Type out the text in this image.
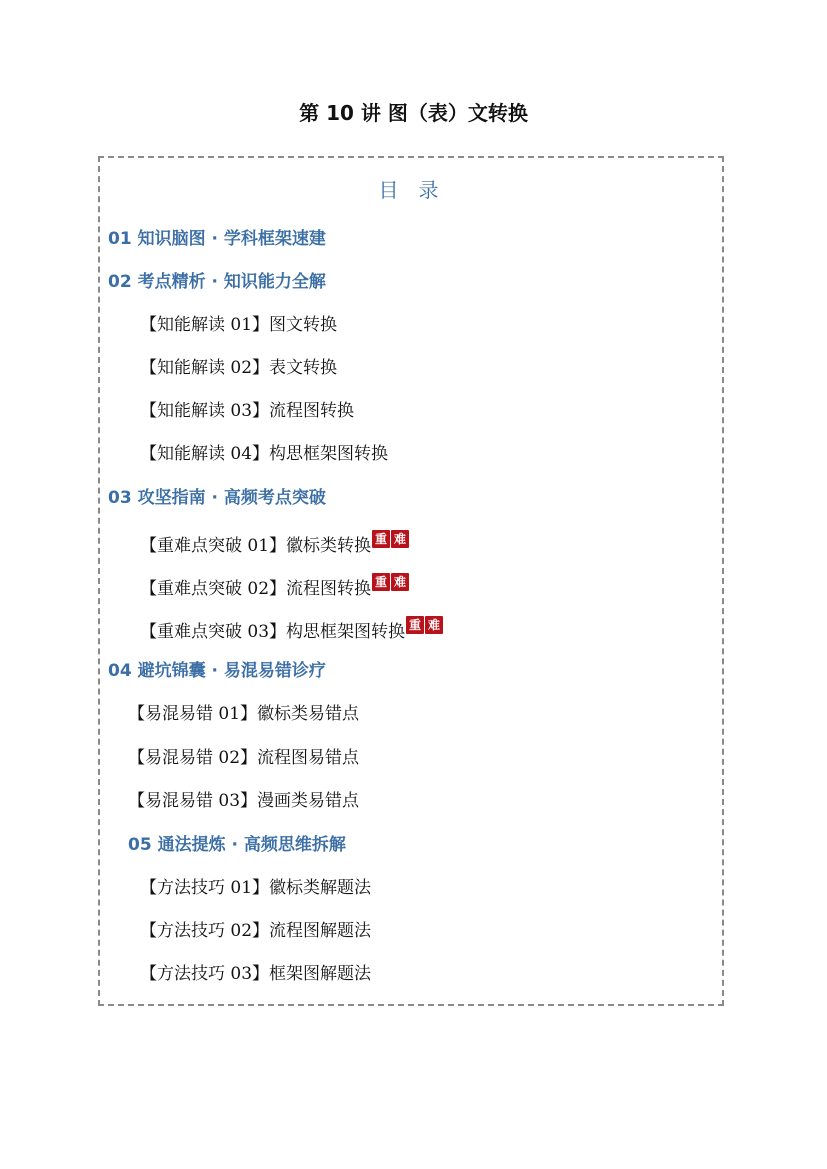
第 10 讲 图（表）文转换
目录
01 知识脑图 · 学科框架速建
02 考点精析 · 知识能力全解
【知能解读 01】图文转换
【知能解读 02】表文转换
【知能解读 03】流程图转换
【知能解读 04】构思框架图转换
03 攻坚指南 · 高频考点突破
【重难点突破 01】徽标类转换 重 难
【重难点突破 02】流程图转换 重 难
【重难点突破 03】构思框架图转换 重 难
04 避坑锦囊 · 易混易错诊疗
【易混易错 01】徽标类易错点
【易混易错 02】流程图易错点
【易混易错 03】漫画类易错点
05 通法提炼 · 高频思维拆解
【方法技巧 01】徽标类解题法
【方法技巧 02】流程图解题法
【方法技巧 03】框架图解题法
